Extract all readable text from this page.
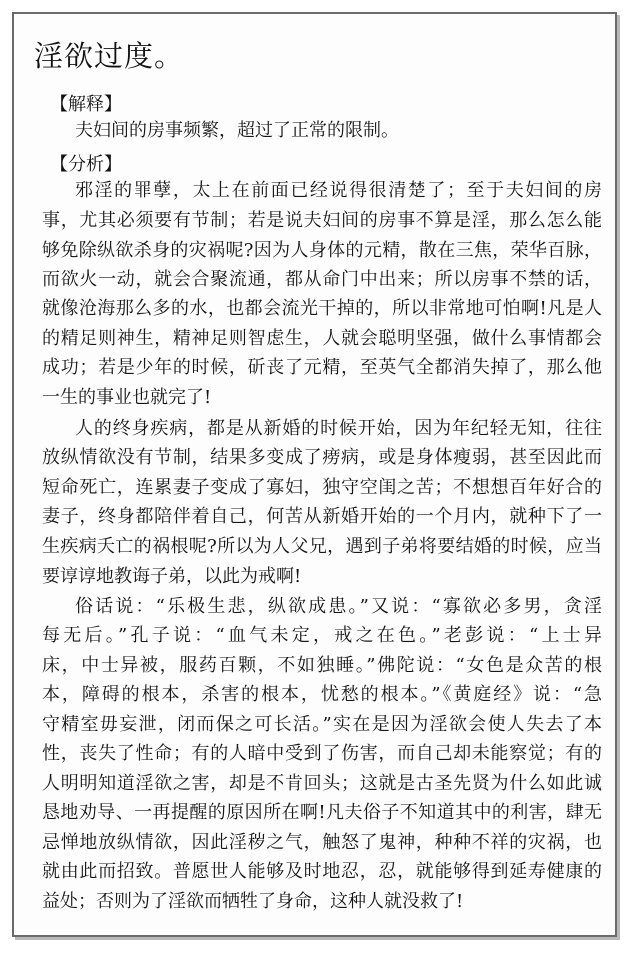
淫欲过度。
【解释】
夫妇间的房事频繁，超过了正常的限制。
【分析】
邪淫的罪孽，太上在前面已经说得很清楚了；至于夫妇间的房
事，尤其必须要有节制；若是说夫妇间的房事不算是淫，那么怎么能
够免除纵欲杀身的灾祸呢?因为人身体的元精，散在三焦，荣华百脉，
而欲火一动，就会合聚流通，都从命门中出来；所以房事不禁的话，
就像沧海那么多的水，也都会流光干掉的，所以非常地可怕啊!凡是人
的精足则神生，精神足则智虑生，人就会聪明坚强，做什么事情都会
成功；若是少年的时候，斫丧了元精，至英气全都消失掉了，那么他
一生的事业也就完了!
人的终身疾病，都是从新婚的时候开始，因为年纪轻无知，往往
放纵情欲没有节制，结果多变成了痨病，或是身体瘦弱，甚至因此而
短命死亡，连累妻子变成了寡妇，独守空闺之苦；不想想百年好合的
妻子，终身都陪伴着自己，何苦从新婚开始的一个月内，就种下了一
生疾病夭亡的祸根呢?所以为人父兄，遇到子弟将要结婚的时候，应当
要谆谆地教诲子弟，以此为戒啊!
俗话说：“乐极生悲，纵欲成患。”又说：“寡欲必多男，贪淫
每无后。”孔子说：“血气未定，戒之在色。”老彭说：“上士异
床，中士异被，服药百颗，不如独睡。”佛陀说：“女色是众苦的根
本，障碍的根本，杀害的根本，忧愁的根本。”《黄庭经》说：“急
守精室毋妄泄，闭而保之可长活。”实在是因为淫欲会使人失去了本
性，丧失了性命；有的人暗中受到了伤害，而自己却未能察觉；有的
人明明知道淫欲之害，却是不肯回头；这就是古圣先贤为什么如此诚
恳地劝导、一再提醒的原因所在啊!凡夫俗子不知道其中的利害，肆无
忌惮地放纵情欲，因此淫秽之气，触怒了鬼神，种种不祥的灾祸，也
就由此而招致。普愿世人能够及时地忍，忍，就能够得到延寿健康的
益处；否则为了淫欲而牺牲了身命，这种人就没救了!
